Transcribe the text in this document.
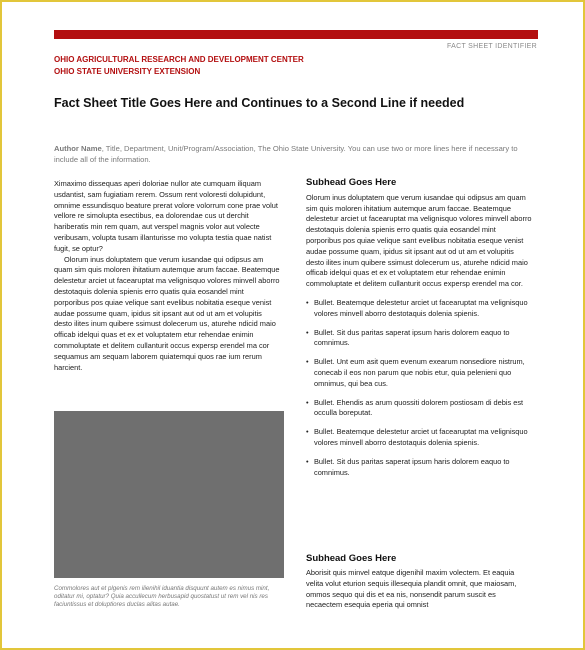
FACT SHEET IDENTIFIER
OHIO AGRICULTURAL RESEARCH AND DEVELOPMENT CENTER
OHIO STATE UNIVERSITY EXTENSION
Fact Sheet Title Goes Here and Continues to a Second Line if needed
Author Name, Title, Department, Unit/Program/Association, The Ohio State University. You can use two or more lines here if necessary to include all of the information.

Ximaximo dissequas aperi doloriae nullor ate cumquam iliquam usdantist, sam fugiatiam rerem. Ossum rent voloresti dolupidunt, omnime essundisquo beature prerat volore volorrum cone prae volut vellore re simolupta esectibus, ea dolorendae cus ut derchit hariberatis min rem quam, aut verspel magnis volor aut volecte veribusam, volupta tusam illanturisse mo volupta testia quae natist fugit, se optur?

Olorum inus doluptatem que verum iusandae qui odipsus am quam sim quis moloren ihitatium autemque arum faccae. Beatemque delestetur arciet ut facearuptat ma velignisquo volores minvell aborro destotaquis dolenia spienis erro quatis quia eosandel mint porporibus pos quiae velique sant evelibus nobitatia eseque venist audae possume quam, ipidus sit ipsant aut od ut am et volupitis desto ilites inum quibere ssimust dolecerum us, aturehe ndicid maio officab idelqui quas et ex et voluptatem etur rehendae enimin commoluptate et delitem cullanturit occus expersp erendel ma cor sequamus am sequam laborem quiatemqui quos rae ium rerum harcient.

Commolores aut et plgenis rem ilienihil iduantia disquunt autem es nimus mint, oditatur mi, optatur? Quia accullecum herbusapid quostatust ut rem vel nis res faciuntissus et doluptiores duclas alitas autae.
Subhead Goes Here

Olorum inus doluptatem que verum iusandae qui odipsus am quam sim quis moloren ihitatium autemque arum faccae. Beatemque delestetur arciet ut facearuptat ma velignisquo volores minvell aborro destotaquis dolenia spienis erro quatis quia eosandel mint porporibus pos quiae velique sant evelibus nobitatia eseque venist audae possume quam, ipidus sit ipsant aut od ut am et volupitis desto ilites inum quibere ssimust dolecerum us, aturehe ndicid maio officab idelqui quas et ex et voluptatem etur rehendae enimin commoluptate et delitem cullanturit occus expersp erendel ma cor.

• Bullet. Beatemque delestetur arciet ut facearuptat ma velignisquo volores minvell aborro destotaquis dolenia spienis.
• Bullet. Sit dus paritas saperat ipsum haris dolorem eaquo to comnimus.
• Bullet. Unt eum asit quem evenum exearum nonsediore nistrum, conecab il eos non parum que nobis etur, quia pelenieni quo omnimus, qui bea cus.
• Bullet. Ehendis as arum quossiti dolorem postiosam di debis est occulla boreputat.
• Bullet. Beatemque delestetur arciet ut facearuptat ma velignisquo volores minvell aborro destotaquis dolenia spienis.
• Bullet. Sit dus paritas saperat ipsum haris dolorem eaquo to comnimus.
Subhead Goes Here

Aborisit quis minvel eatque digenihil maxim volectem. Et eaquia velita volut eturion sequis illesequia plandit omnit, que maiosam, ommos sequo qui dis et ea nis, nonsendit parum suscit es necaectem esequia eperia qui omnist
